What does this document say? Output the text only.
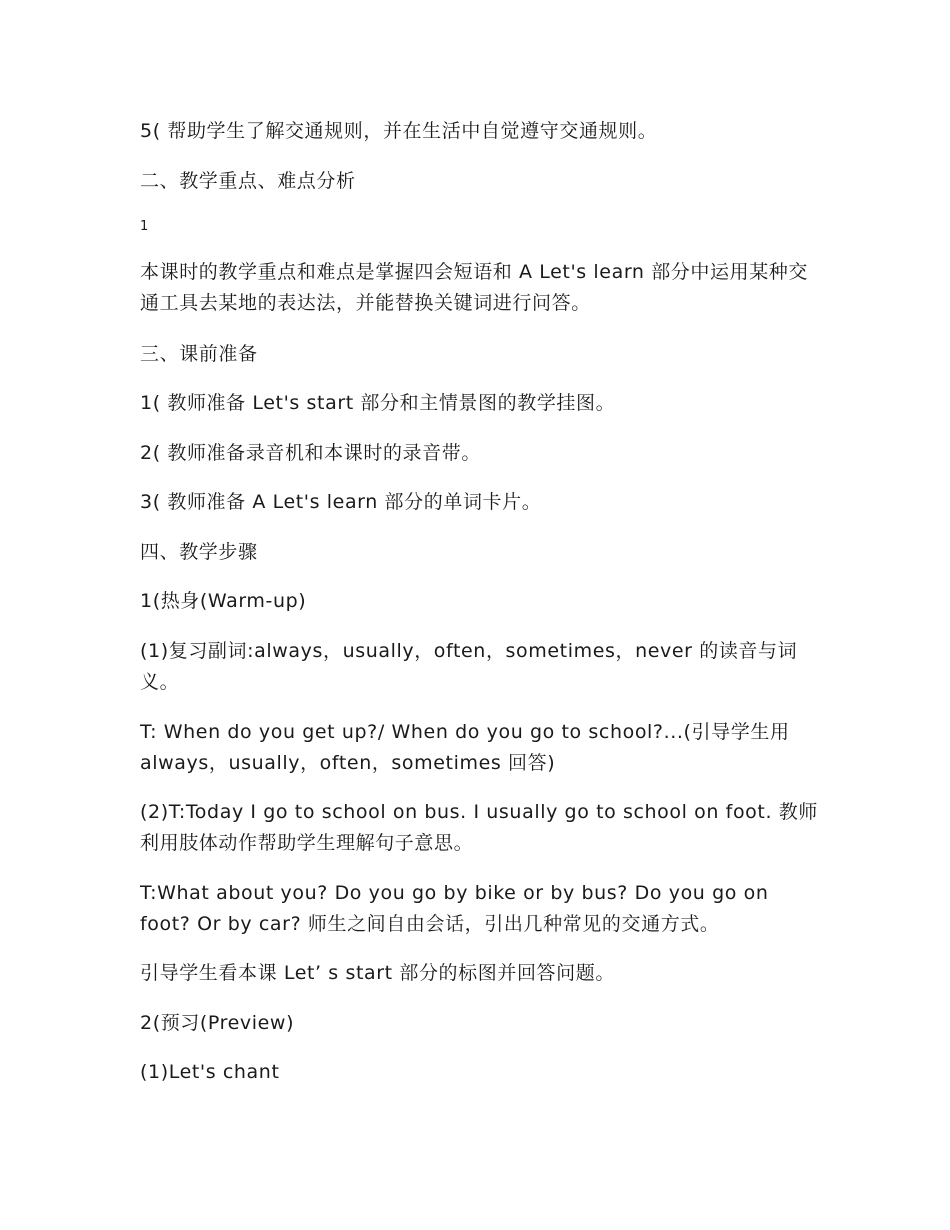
5( 帮助学生了解交通规则，并在生活中自觉遵守交通规则。
二、教学重点、难点分析
1
本课时的教学重点和难点是掌握四会短语和 A Let's learn 部分中运用某种交通工具去某地的表达法，并能替换关键词进行问答。
三、课前准备
1( 教师准备 Let's start 部分和主情景图的教学挂图。
2( 教师准备录音机和本课时的录音带。
3( 教师准备 A Let's learn 部分的单词卡片。
四、教学步骤
1(热身(Warm-up)
(1)复习副词:always，usually，often，sometimes，never 的读音与词义。
T: When do you get up?/ When do you go to school?...(引导学生用 always，usually，often，sometimes 回答)
(2)T:Today I go to school on bus. I usually go to school on foot. 教师利用肢体动作帮助学生理解句子意思。
T:What about you? Do you go by bike or by bus? Do you go on foot? Or by car? 师生之间自由会话，引出几种常见的交通方式。
引导学生看本课 Let’ s start 部分的标图并回答问题。
2(预习(Preview)
(1)Let's chant
